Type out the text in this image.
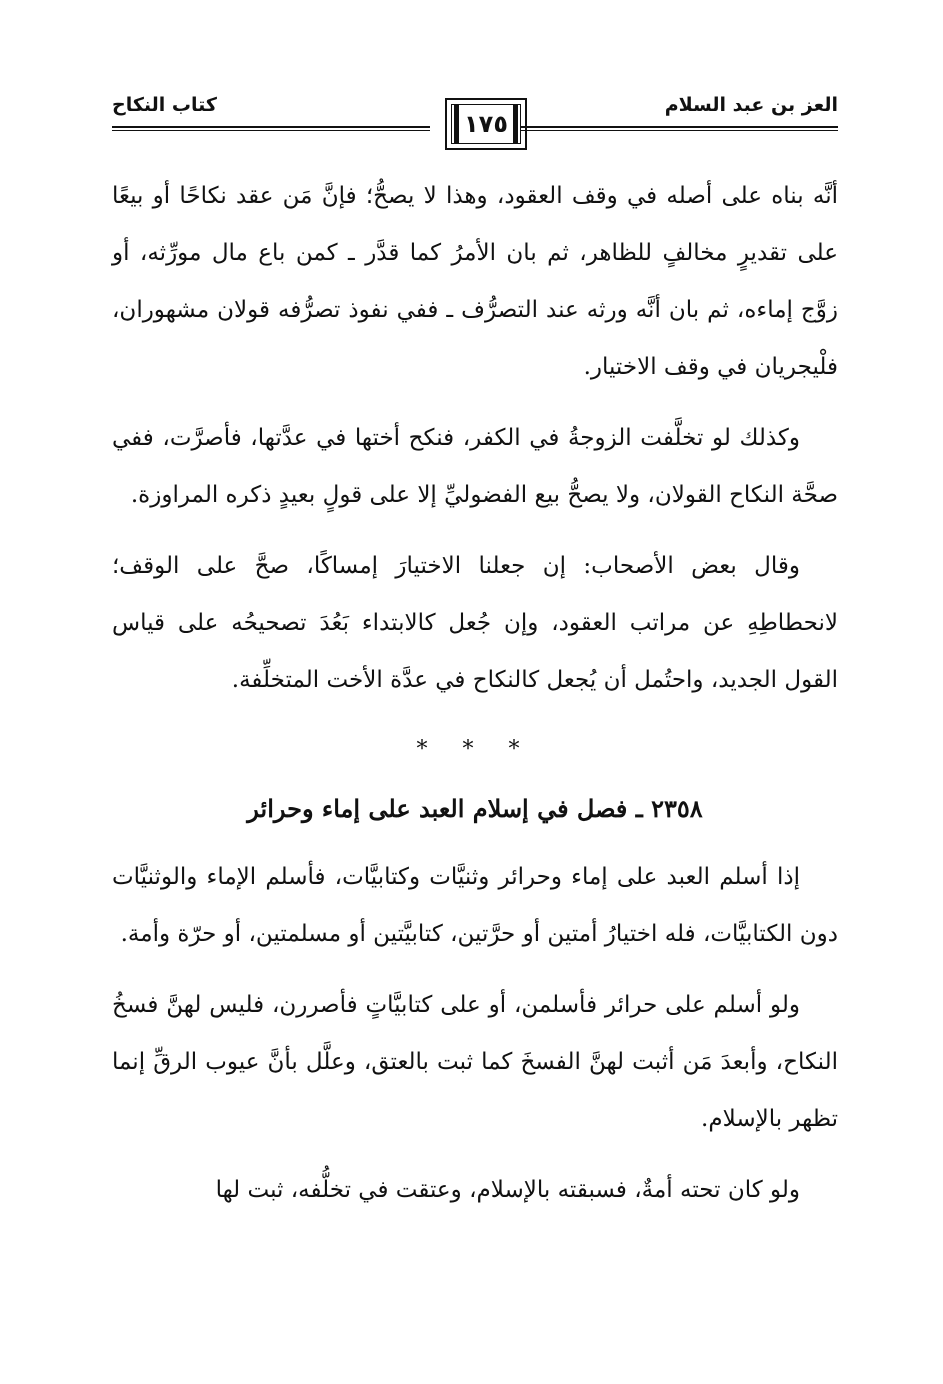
العز بن عبد السلام
كتاب النكاح
١٧٥

أنَّه بناه على أصله في وقف العقود، وهذا لا يصحُّ؛ فإنَّ مَن عقد نكاحًا أو بيعًا على تقديرٍ مخالفٍ للظاهر، ثم بان الأمرُ كما قدَّر ـ كمن باع مال مورِّثه، أو زوَّج إماءه، ثم بان أنَّه ورثه عند التصرُّف ـ ففي نفوذ تصرُّفه قولان مشهوران، فلْيجريان في وقف الاختيار.

وكذلك لو تخلَّفت الزوجةُ في الكفر، فنكح أختها في عدَّتها، فأصرَّت، ففي صحَّة النكاح القولان، ولا يصحُّ بيع الفضوليِّ إلا على قولٍ بعيدٍ ذكره المراوزة.

وقال بعض الأصحاب: إن جعلنا الاختيارَ إمساكًا، صحَّ على الوقف؛ لانحطاطِهِ عن مراتب العقود، وإن جُعل كالابتداء بَعُدَ تصحيحُه على قياس القول الجديد، واحتُمل أن يُجعل كالنكاح في عدَّة الأخت المتخلِّفة.

* * *
٢٣٥٨ ـ فصل في إسلام العبد على إماء وحرائر

إذا أسلم العبد على إماء وحرائر وثنيَّات وكتابيَّات، فأسلم الإماء والوثنيَّات دون الكتابيَّات، فله اختيارُ أمتين أو حرَّتين، كتابيَّتين أو مسلمتين، أو حرّة وأمة.

ولو أسلم على حرائر فأسلمن، أو على كتابيَّاتٍ فأصررن، فليس لهنَّ فسخُ النكاح، وأبعدَ مَن أثبت لهنَّ الفسخَ كما ثبت بالعتق، وعلَّل بأنَّ عيوب الرقِّ إنما تظهر بالإسلام.

ولو كان تحته أمةٌ، فسبقته بالإسلام، وعتقت في تخلُّفه، ثبت لها
